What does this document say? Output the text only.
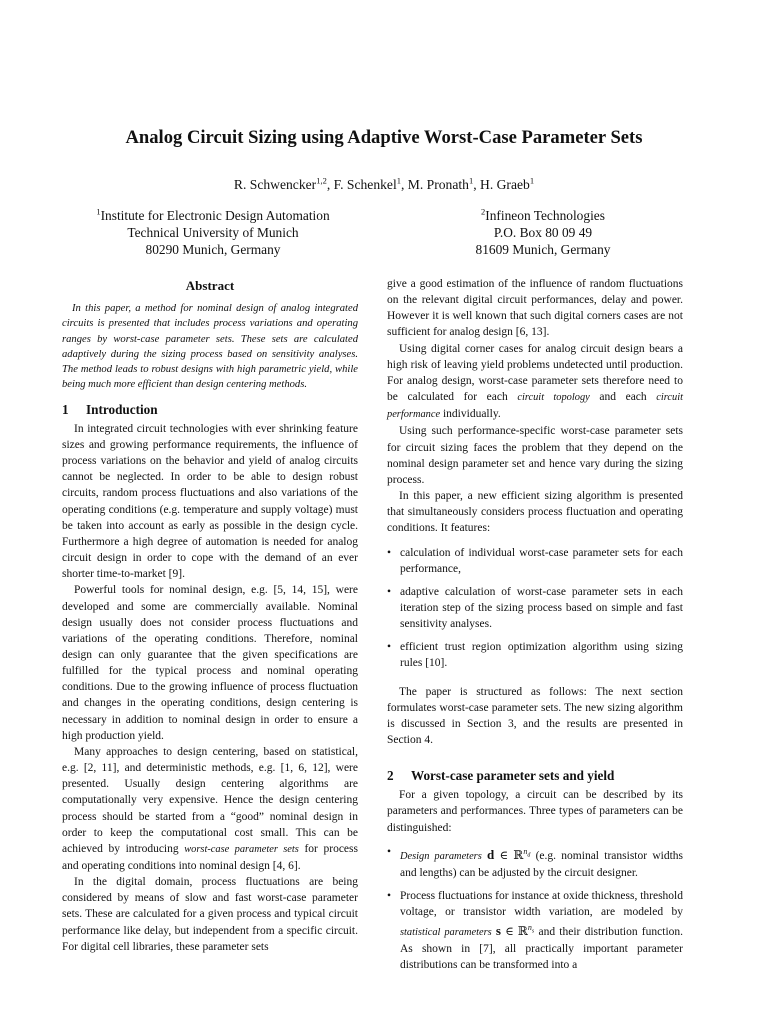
Analog Circuit Sizing using Adaptive Worst-Case Parameter Sets
R. Schwencker$^{1,2}$, F. Schenkel$^1$, M. Pronath$^1$, H. Graeb$^1$
$^1$Institute for Electronic Design Automation
Technical University of Munich
80290 Munich, Germany
$^2$Infineon Technologies
P.O. Box 80 09 49
81609 Munich, Germany
Abstract
In this paper, a method for nominal design of analog integrated circuits is presented that includes process variations and operating ranges by worst-case parameter sets. These sets are calculated adaptively during the sizing process based on sensitivity analyses. The method leads to robust designs with high parametric yield, while being much more efficient than design centering methods.
1 Introduction

In integrated circuit technologies with ever shrinking feature sizes and growing performance requirements, the influence of process variations on the behavior and yield of analog circuits cannot be neglected. In order to be able to design robust circuits, random process fluctuations and also variations of the operating conditions (e.g. temperature and supply voltage) must be taken into account as early as possible in the design cycle. Furthermore a high degree of automation is needed for analog circuit design in order to cope with the demand of an ever shorter time-to-market [9].

Powerful tools for nominal design, e.g. [5, 14, 15], were developed and some are commercially available. Nominal design usually does not consider process fluctuations and variations of the operating conditions. Therefore, nominal design can only guarantee that the given specifications are fulfilled for the typical process and nominal operating conditions. Due to the growing influence of process fluctuation and changes in the operating conditions, design centering is necessary in addition to nominal design in order to ensure a high production yield.

Many approaches to design centering, based on statistical, e.g. [2, 11], and deterministic methods, e.g. [1, 6, 12], were presented. Usually design centering algorithms are computationally very expensive. Hence the design centering process should be started from a “good” nominal design in order to keep the computational cost small. This can be achieved by introducing worst-case parameter sets for process and operating conditions into nominal design [4, 6].

In the digital domain, process fluctuations are being considered by means of slow and fast worst-case parameter sets. These are calculated for a given process and typical circuit performance like delay, but independent from a specific circuit. For digital cell libraries, these parameter sets

give a good estimation of the influence of random fluctuations on the relevant digital circuit performances, delay and power. However it is well known that such digital corners cases are not sufficient for analog design [6, 13].

Using digital corner cases for analog circuit design bears a high risk of leaving yield problems undetected until production. For analog design, worst-case parameter sets therefore need to be calculated for each circuit topology and each circuit performance individually.

Using such performance-specific worst-case parameter sets for circuit sizing faces the problem that they depend on the nominal design parameter set and hence vary during the sizing process.

In this paper, a new efficient sizing algorithm is presented that simultaneously considers process fluctuation and operating conditions. It features:

• calculation of individual worst-case parameter sets for each performance,
• adaptive calculation of worst-case parameter sets in each iteration step of the sizing process based on simple and fast sensitivity analyses.
• efficient trust region optimization algorithm using sizing rules [10].

The paper is structured as follows: The next section formulates worst-case parameter sets. The new sizing algorithm is discussed in Section 3, and the results are presented in Section 4.

2 Worst-case parameter sets and yield

For a given topology, a circuit can be described by its parameters and performances. Three types of parameters can be distinguished:

• Design parameters d ∈ ℝ$^{n_d}$ (e.g. nominal transistor widths and lengths) can be adjusted by the circuit designer.
• Process fluctuations for instance at oxide thickness, threshold voltage, or transistor width variation, are modeled by statistical parameters s ∈ ℝ$^{n_s}$ and their distribution function. As shown in [7], all practically important parameter distributions can be transformed into a
